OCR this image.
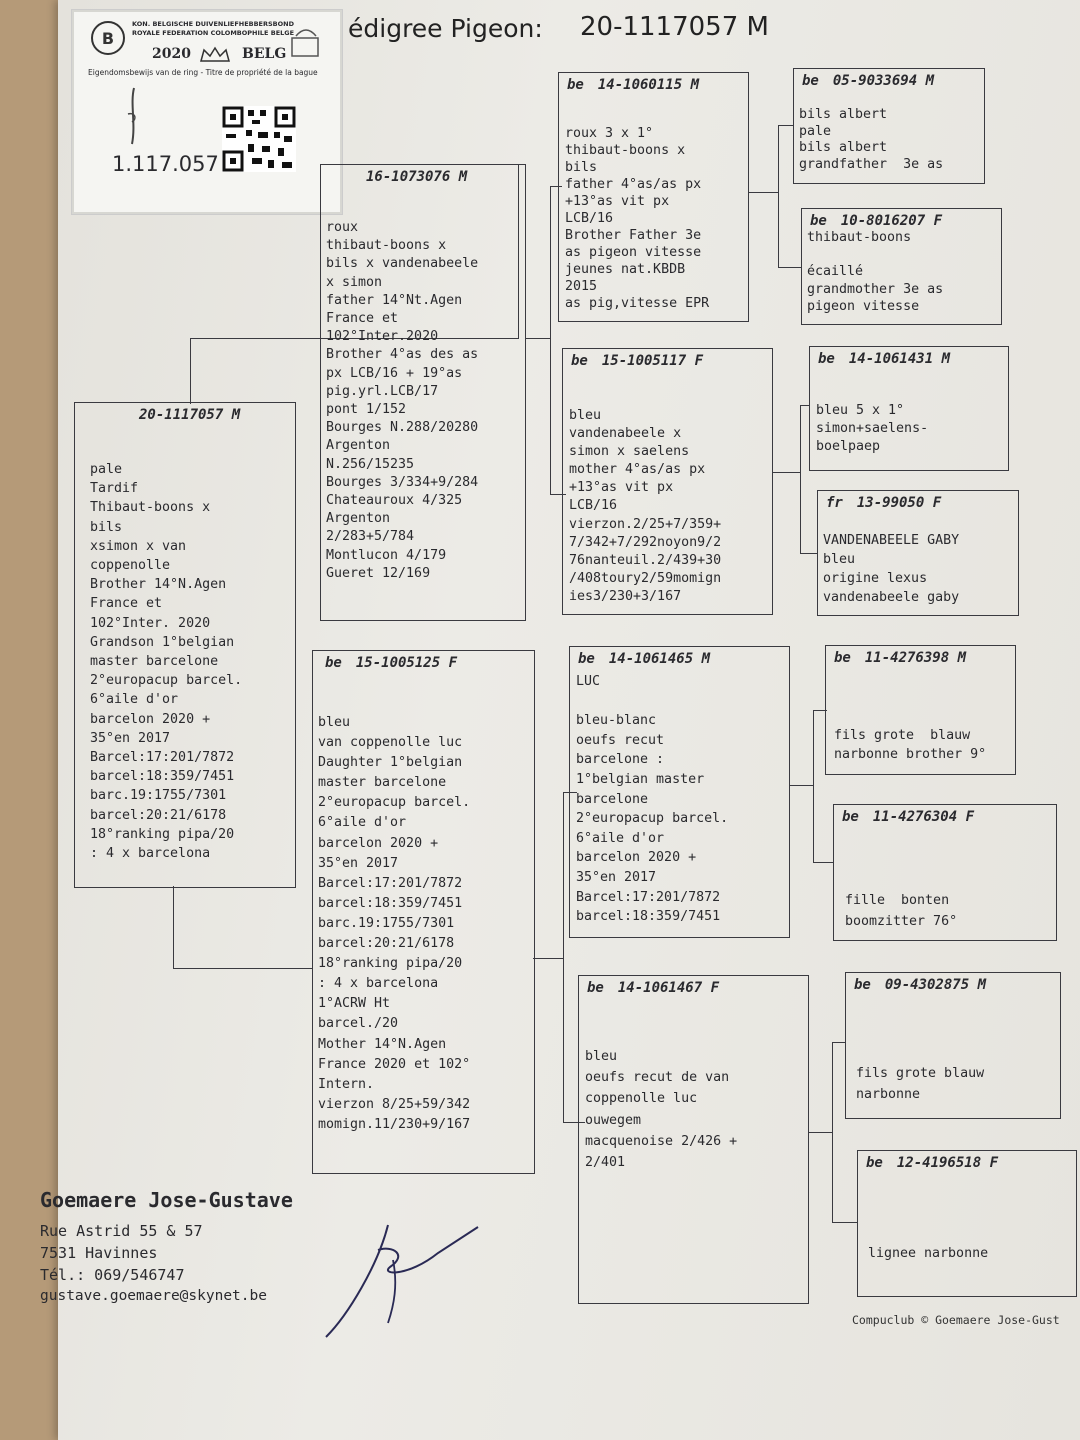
édigree Pigeon: 20-1117057 M
B
KON. BELGISCHE DUIVENLIEFHEBBERSBOND
ROYALE FEDERATION COLOMBOPHILE BELGE
2020	BELG
Eigendomsbewijs van de ring - Titre de propriété de la bague
1.117.057
20-1117057 M
pale
Tardif
Thibaut-boons x
bils
xsimon x van
coppenolle
Brother 14°N.Agen
France et
102°Inter. 2020
Grandson 1°belgian
master barcelone
2°europacup barcel.
6°aile d'or
barcelon 2020 +
35°en 2017
Barcel:17:201/7872
barcel:18:359/7451
barc.19:1755/7301
barcel:20:21/6178
18°ranking pipa/20
: 4 x barcelona
16-1073076 M
roux
thibaut-boons x
bils x vandenabeele
x simon
father 14°Nt.Agen
France et
102°Inter.2020
Brother 4°as des as
px LCB/16 + 19°as
pig.yrl.LCB/17
pont 1/152
Bourges N.288/20280
Argenton
N.256/15235
Bourges 3/334+9/284
Chateauroux 4/325
Argenton
2/283+5/784
Montlucon 4/179
Gueret 12/169
be 15-1005125 F
bleu
van coppenolle luc
Daughter 1°belgian
master barcelone
2°europacup barcel.
6°aile d'or
barcelon 2020 +
35°en 2017
Barcel:17:201/7872
barcel:18:359/7451
barc.19:1755/7301
barcel:20:21/6178
18°ranking pipa/20
: 4 x barcelona
1°ACRW Ht
barcel./20
Mother 14°N.Agen
France 2020 et 102°
Intern.
vierzon 8/25+59/342
momign.11/230+9/167
be 14-1060115 M
roux 3 x 1°
thibaut-boons x
bils
father 4°as/as px
+13°as vit px
LCB/16
Brother Father 3e
as pigeon vitesse
jeunes nat.KBDB
2015
as pig,vitesse EPR
be 15-1005117 F
bleu
vandenabeele x
simon x saelens
mother 4°as/as px
+13°as vit px
LCB/16
vierzon.2/25+7/359+
7/342+7/292noyon9/2
76nanteuil.2/439+30
/408toury2/59momign
ies3/230+3/167
be 14-1061465 M
LUC

bleu-blanc
oeufs recut
barcelone :
1°belgian master
barcelone
2°europacup barcel.
6°aile d'or
barcelon 2020 +
35°en 2017
Barcel:17:201/7872
barcel:18:359/7451
be 14-1061467 F
bleu
oeufs recut de van
coppenolle luc
ouwegem
macquenoise 2/426 +
2/401
be 05-9033694 M
bils albert
pale
bils albert
grandfather  3e as
be 10-8016207 F
thibaut-boons

écaillé
grandmother 3e as
pigeon vitesse
be 14-1061431 M
bleu 5 x 1°
simon+saelens-
boelpaep
fr 13-99050 F
VANDENABEELE GABY
bleu
origine lexus
vandenabeele gaby
be 11-4276398 M
fils grote  blauw
narbonne brother 9°
be 11-4276304 F
fille  bonten
boomzitter 76°
be 09-4302875 M
fils grote blauw
narbonne
be 12-4196518 F
lignee narbonne
Goemaere Jose-Gustave
Rue Astrid 55 & 57
7531 Havinnes
Tél.: 069/546747
gustave.goemaere@skynet.be
Compuclub © Goemaere Jose-Gust
